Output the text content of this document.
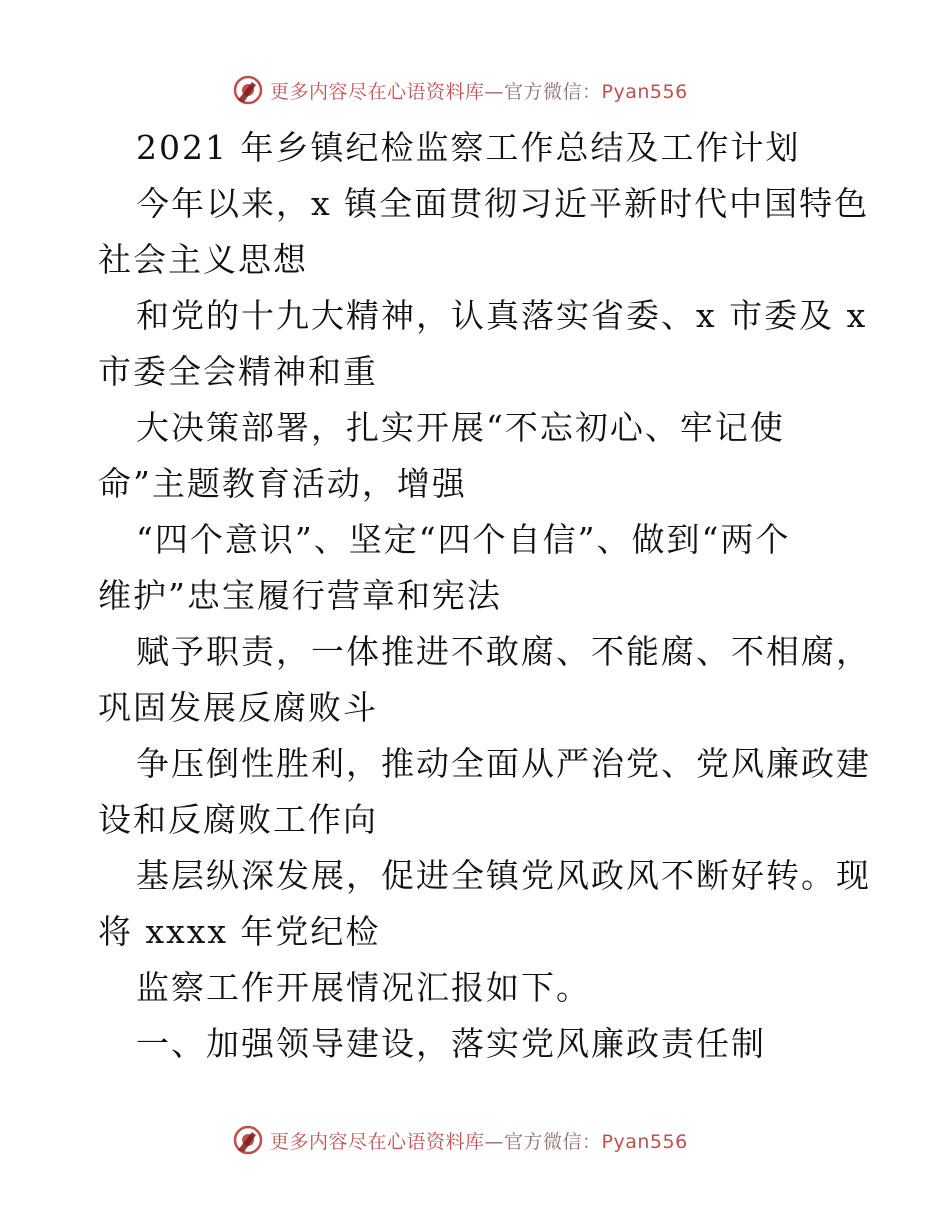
更多内容尽在心语资料库—官方微信：Pyan556
2021 年乡镇纪检监察工作总结及工作计划
今年以来，x 镇全面贯彻习近平新时代中国特色
社会主义思想
和党的十九大精神，认真落实省委、x 市委及 x
市委全会精神和重
大决策部署，扎实开展“不忘初心、牢记使
命”主题教育活动，增强
“四个意识”、坚定“四个自信”、做到“两个
维护”忠宝履行营章和宪法
赋予职责，一体推进不敢腐、不能腐、不相腐，
巩固发展反腐败斗
争压倒性胜利，推动全面从严治党、党风廉政建
设和反腐败工作向
基层纵深发展，促进全镇党风政风不断好转。现
将 xxxx 年党纪检
监察工作开展情况汇报如下。
一、加强领导建设，落实党风廉政责任制
更多内容尽在心语资料库—官方微信：Pyan556
